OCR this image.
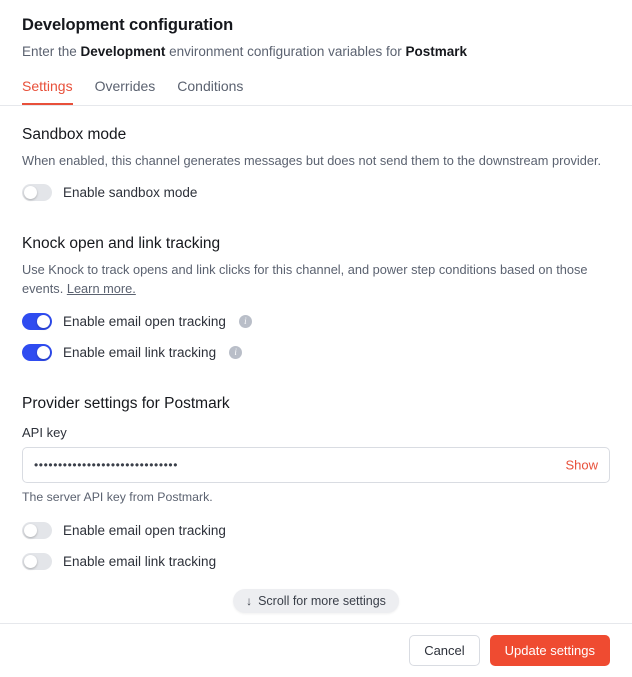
Development configuration

Enter the Development environment configuration variables for Postmark

Settings Overrides Conditions
Sandbox mode

When enabled, this channel generates messages but does not send them to the downstream provider.

Enable sandbox mode
Knock open and link tracking

Use Knock to track opens and link clicks for this channel, and power step conditions based on those events. Learn more.

Enable email open tracking	i
Enable email link tracking	i
Provider settings for Postmark

API key

••••••••••••••••••••••••••••••	Show

The server API key from Postmark.

Enable email open tracking
Enable email link tracking
↓ Scroll for more settings
Cancel	Update settings
